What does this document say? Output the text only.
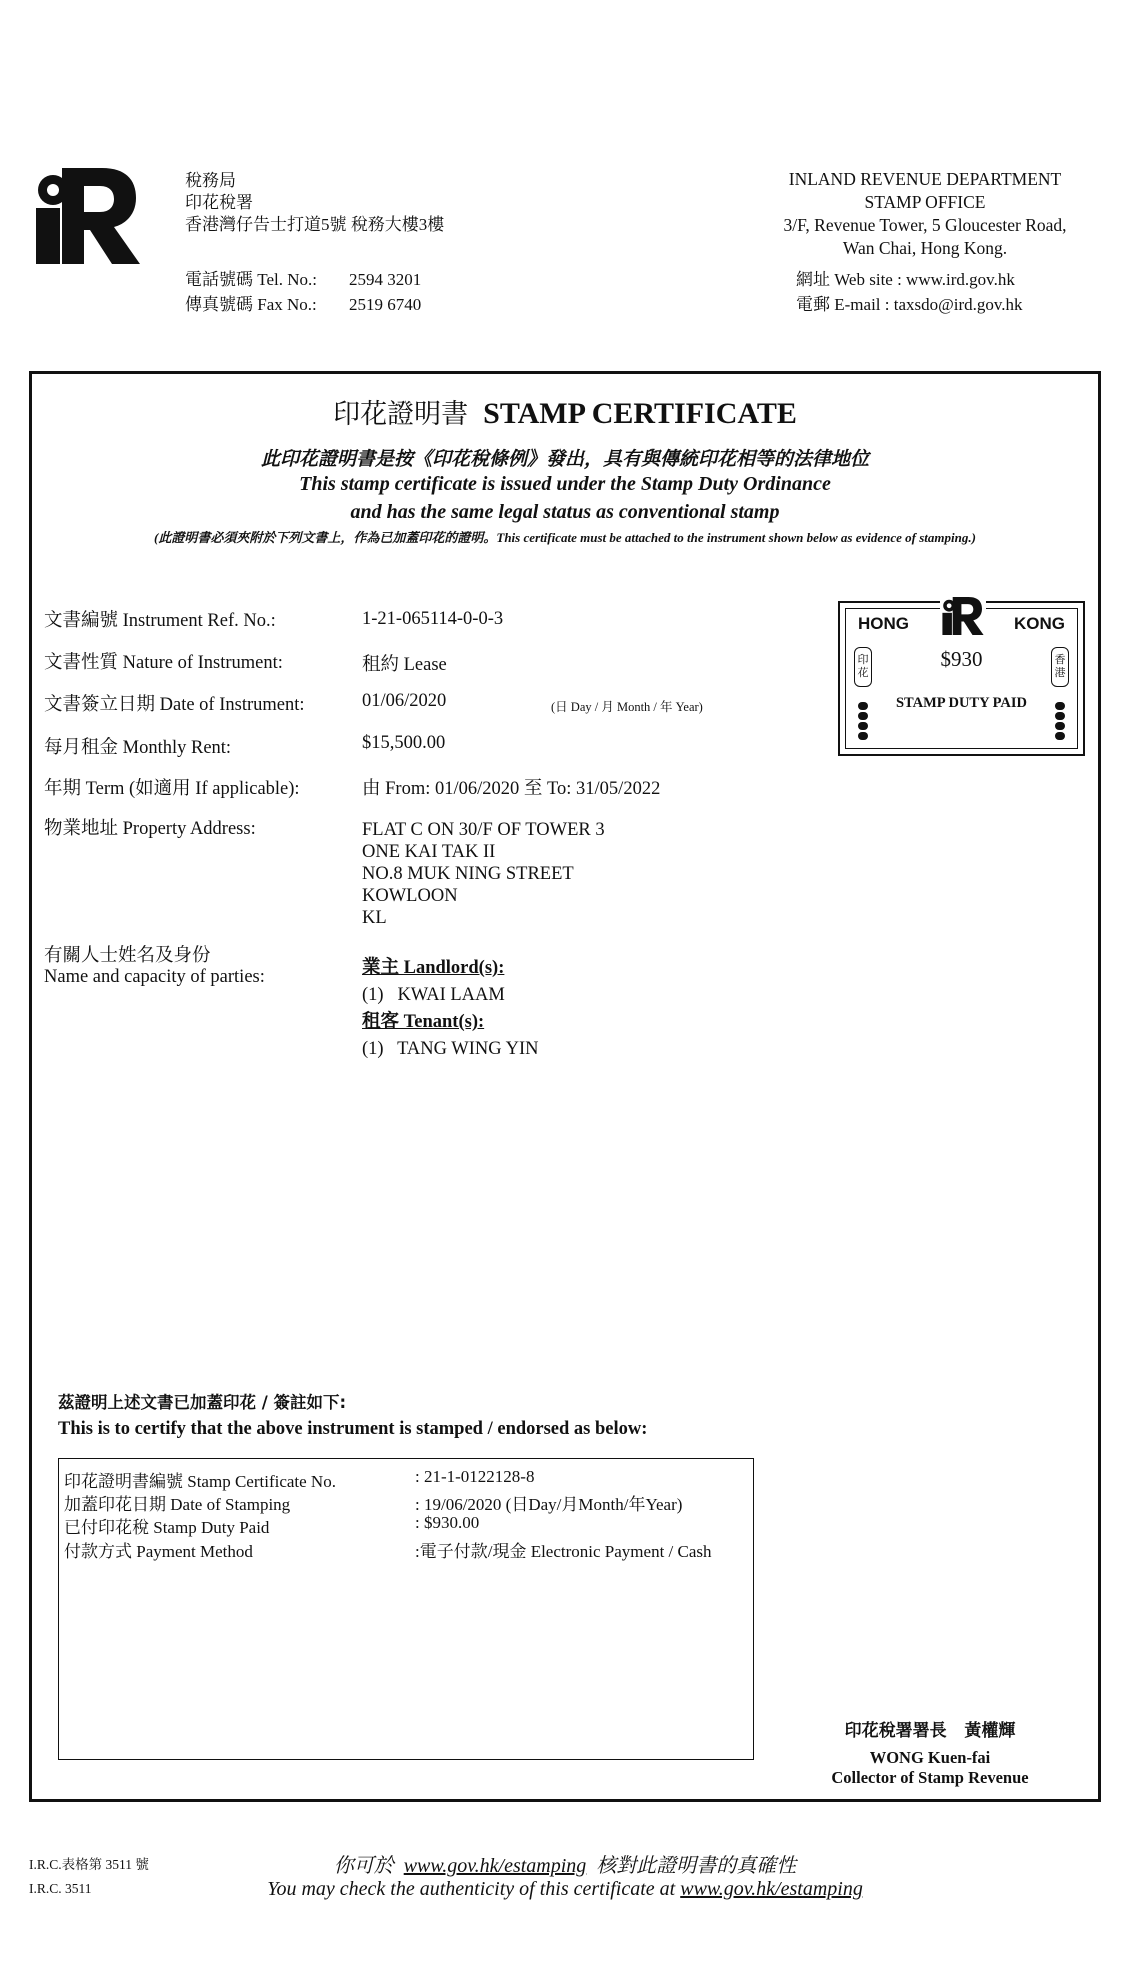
稅務局
印花稅署
香港灣仔告士打道5號 稅務大樓3樓
電話號碼 Tel. No.: 2594 3201
傳真號碼 Fax No.: 2519 6740
INLAND REVENUE DEPARTMENT
STAMP OFFICE
3/F, Revenue Tower, 5 Gloucester Road,
Wan Chai, Hong Kong.
網址 Web site : www.ird.gov.hk
電郵 E-mail : taxsdo@ird.gov.hk
印花證明書 STAMP CERTIFICATE
此印花證明書是按《印花稅條例》發出，具有與傳統印花相等的法律地位
This stamp certificate is issued under the Stamp Duty Ordinance
and has the same legal status as conventional stamp
(此證明書必須夾附於下列文書上，作為已加蓋印花的證明。This certificate must be attached to the instrument shown below as evidence of stamping.)
文書編號 Instrument Ref. No.:	1-21-065114-0-0-3
文書性質 Nature of Instrument:	租約 Lease
文書簽立日期 Date of Instrument:	01/06/2020	(日 Day / 月 Month / 年 Year)
每月租金 Monthly Rent:	$15,500.00
年期 Term (如適用 If applicable):	由 From: 01/06/2020 至 To: 31/05/2022
物業地址 Property Address:	FLAT C ON 30/F OF TOWER 3
ONE KAI TAK II
NO.8 MUK NING STREET
KOWLOON
KL
有關人士姓名及身份
Name and capacity of parties:	業主 Landlord(s):
(1)   KWAI LAAM
租客 Tenant(s):
(1)   TANG WING YIN
HONG	KONG
印花
香港
$930
STAMP DUTY PAID
茲證明上述文書已加蓋印花 / 簽註如下:
This is to certify that the above instrument is stamped / endorsed as below:
印花證明書編號 Stamp Certificate No.	: 21-1-0122128-8
加蓋印花日期 Date of Stamping	: 19/06/2020 (日Day/月Month/年Year)
已付印花稅 Stamp Duty Paid	: $930.00
付款方式 Payment Method	:電子付款/現金 Electronic Payment / Cash
印花稅署署長   黃權輝
WONG Kuen-fai
Collector of Stamp Revenue
I.R.C.表格第 3511 號
I.R.C. 3511
你可於 www.gov.hk/estamping 核對此證明書的真確性
You may check the authenticity of this certificate at www.gov.hk/estamping
